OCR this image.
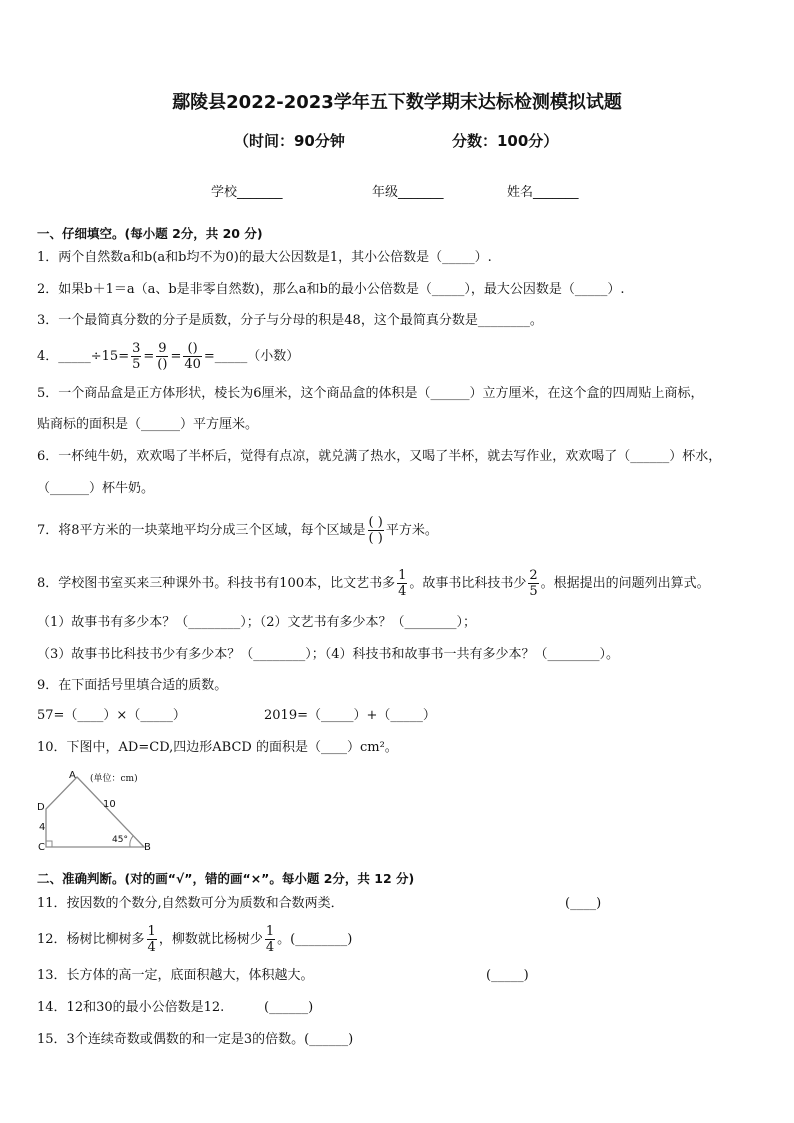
鄢陵县2022-2023学年五下数学期末达标检测模拟试题
（时间：90分钟	分数：100分）
学校_______	年级_______	姓名_______
一、仔细填空。(每小题 2分，共 20 分)
1．两个自然数a和b(a和b均不为0)的最大公因数是1，其小公倍数是（_____）.
2．如果b＋1＝a（a、b是非零自然数)，那么a和b的最小公倍数是（_____），最大公因数是（_____）.
3．一个最简真分数的分子是质数，分子与分母的积是48，这个最简真分数是________。
4．_____÷15= $\frac{3}{5} = \frac{9}{()} = \frac{()}{40}$ =_____（小数）
5．一个商品盒是正方体形状，棱长为6厘米，这个商品盒的体积是（______）立方厘米，在这个盒的四周贴上商标，
贴商标的面积是（______）平方厘米。
6．一杯纯牛奶，欢欢喝了半杯后，觉得有点凉，就兑满了热水，又喝了半杯，就去写作业，欢欢喝了（______）杯水，
（______）杯牛奶。
7．将8平方米的一块菜地平均分成三个区域，每个区域是 $\frac{( )}{( )}$ 平方米。
8．学校图书室买来三种课外书。科技书有100本，比文艺书多 $\frac{1}{4}$ 。故事书比科技书少 $\frac{2}{5}$ 。根据提出的问题列出算式。
（1）故事书有多少本？（________）；（2）文艺书有多少本？（________）；
（3）故事书比科技书少有多少本？（________）；（4）科技书和故事书一共有多少本？（________）。
9．在下面括号里填合适的质数。
57=（____）×（_____）	2019=（_____）+（_____）
10．下图中，AD=CD,四边形ABCD 的面积是（____）cm²。
A (单位：cm)
D
4
10
C
45°
B
二、准确判断。(对的画“√”，错的画“×”。每小题 2分，共 12 分)
11．按因数的个数分,自然数可分为质数和合数两类．	(____)
12．杨树比柳树多 $\frac{1}{4}$ ，柳数就比杨树少 $\frac{1}{4}$ 。(________)
13．长方体的高一定，底面积越大，体积越大。	(_____)
14．12和30的最小公倍数是12.	(______)
15．3个连续奇数或偶数的和一定是3的倍数。(______)
